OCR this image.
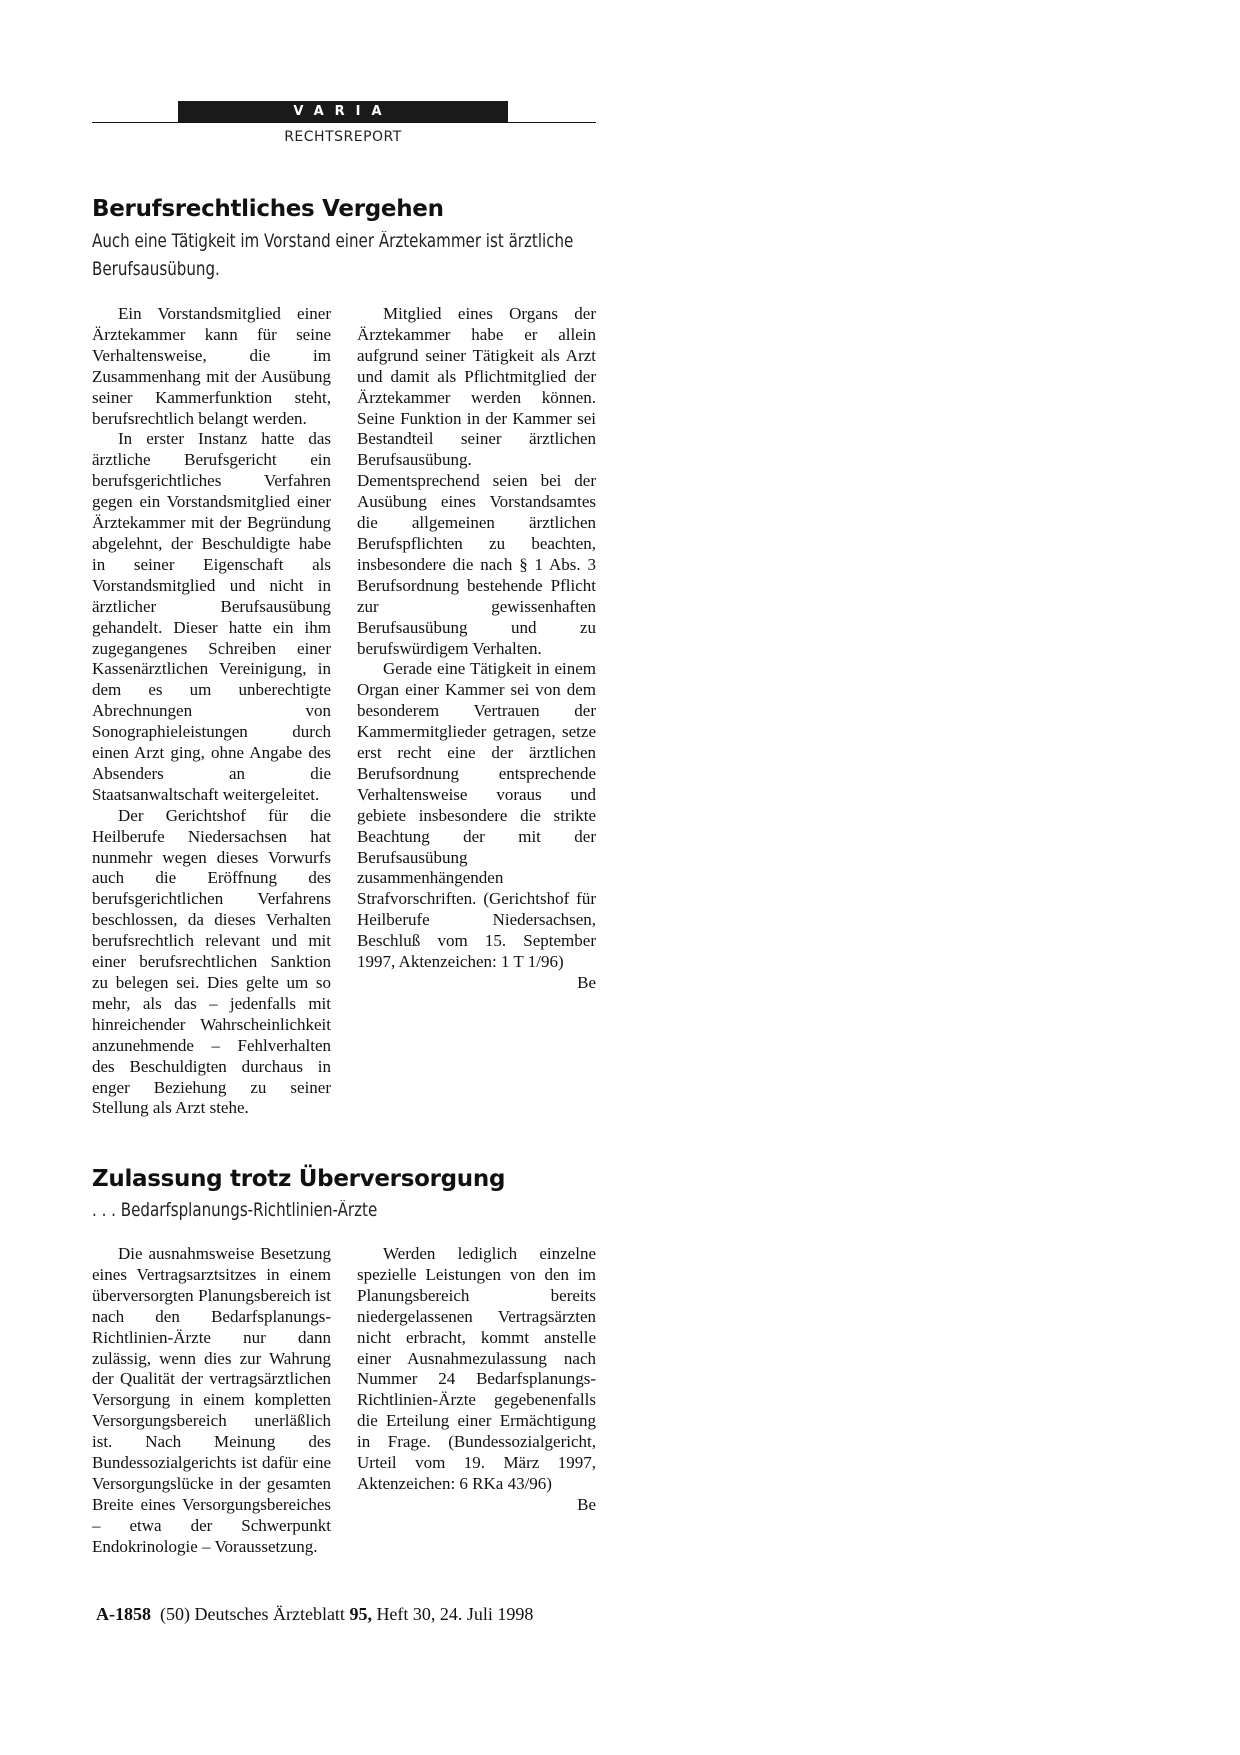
VARIA
RECHTSREPORT
Berufsrechtliches Vergehen
Auch eine Tätigkeit im Vorstand einer Ärztekammer ist ärztliche
Berufsausübung.

Ein Vorstandsmitglied einer Ärztekammer kann für seine Verhaltensweise, die im Zusammenhang mit der Ausübung seiner Kammerfunktion steht, berufsrechtlich belangt werden.

In erster Instanz hatte das ärztliche Berufsgericht ein berufsgerichtliches Verfahren gegen ein Vorstandsmitglied einer Ärztekammer mit der Begründung abgelehnt, der Beschuldigte habe in seiner Eigenschaft als Vorstandsmitglied und nicht in ärztlicher Berufsausübung gehandelt. Dieser hatte ein ihm zugegangenes Schreiben einer Kassenärztlichen Vereinigung, in dem es um unberechtigte Abrechnungen von Sonographieleistungen durch einen Arzt ging, ohne Angabe des Absenders an die Staatsanwaltschaft weitergeleitet.

Der Gerichtshof für die Heilberufe Niedersachsen hat nunmehr wegen dieses Vorwurfs auch die Eröffnung des berufsgerichtlichen Verfahrens beschlossen, da dieses Verhalten berufsrechtlich relevant und mit einer berufsrechtlichen Sanktion zu belegen sei. Dies gelte um so mehr, als das – jedenfalls mit hinreichender Wahrscheinlichkeit anzunehmende – Fehlverhalten des Beschuldigten durchaus in enger Beziehung zu seiner Stellung als Arzt stehe.

Mitglied eines Organs der Ärztekammer habe er allein aufgrund seiner Tätigkeit als Arzt und damit als Pflichtmitglied der Ärztekammer werden können. Seine Funktion in der Kammer sei Bestandteil seiner ärztlichen Berufsausübung. Dementsprechend seien bei der Ausübung eines Vorstandsamtes die allgemeinen ärztlichen Berufspflichten zu beachten, insbesondere die nach § 1 Abs. 3 Berufsordnung bestehende Pflicht zur gewissenhaften Berufsausübung und zu berufswürdigem Verhalten.

Gerade eine Tätigkeit in einem Organ einer Kammer sei von dem besonderem Vertrauen der Kammermitglieder getragen, setze erst recht eine der ärztlichen Berufsordnung entsprechende Verhaltensweise voraus und gebiete insbesondere die strikte Beachtung der mit der Berufsausübung zusammenhängenden Strafvorschriften. (Gerichtshof für Heilberufe Niedersachsen, Beschluß vom 15. September 1997, Aktenzeichen: 1 T 1/96)
Be

Zulassung trotz Überversorgung
. . . Bedarfsplanungs-Richtlinien-Ärzte

Die ausnahmsweise Besetzung eines Vertragsarztsitzes in einem überversorgten Planungsbereich ist nach den Bedarfsplanungs-Richtlinien-Ärzte nur dann zulässig, wenn dies zur Wahrung der Qualität der vertragsärztlichen Versorgung in einem kompletten Versorgungsbereich unerläßlich ist. Nach Meinung des Bundessozialgerichts ist dafür eine Versorgungslücke in der gesamten Breite eines Versorgungsbereiches – etwa der Schwerpunkt Endokrinologie – Voraussetzung.

Werden lediglich einzelne spezielle Leistungen von den im Planungsbereich bereits niedergelassenen Vertragsärzten nicht erbracht, kommt anstelle einer Ausnahmezulassung nach Nummer 24 Bedarfsplanungs-Richtlinien-Ärzte gegebenenfalls die Erteilung einer Ermächtigung in Frage. (Bundessozialgericht, Urteil vom 19. März 1997, Aktenzeichen: 6 RKa 43/96)
Be

A-1858 (50) Deutsches Ärzteblatt 95, Heft 30, 24. Juli 1998
